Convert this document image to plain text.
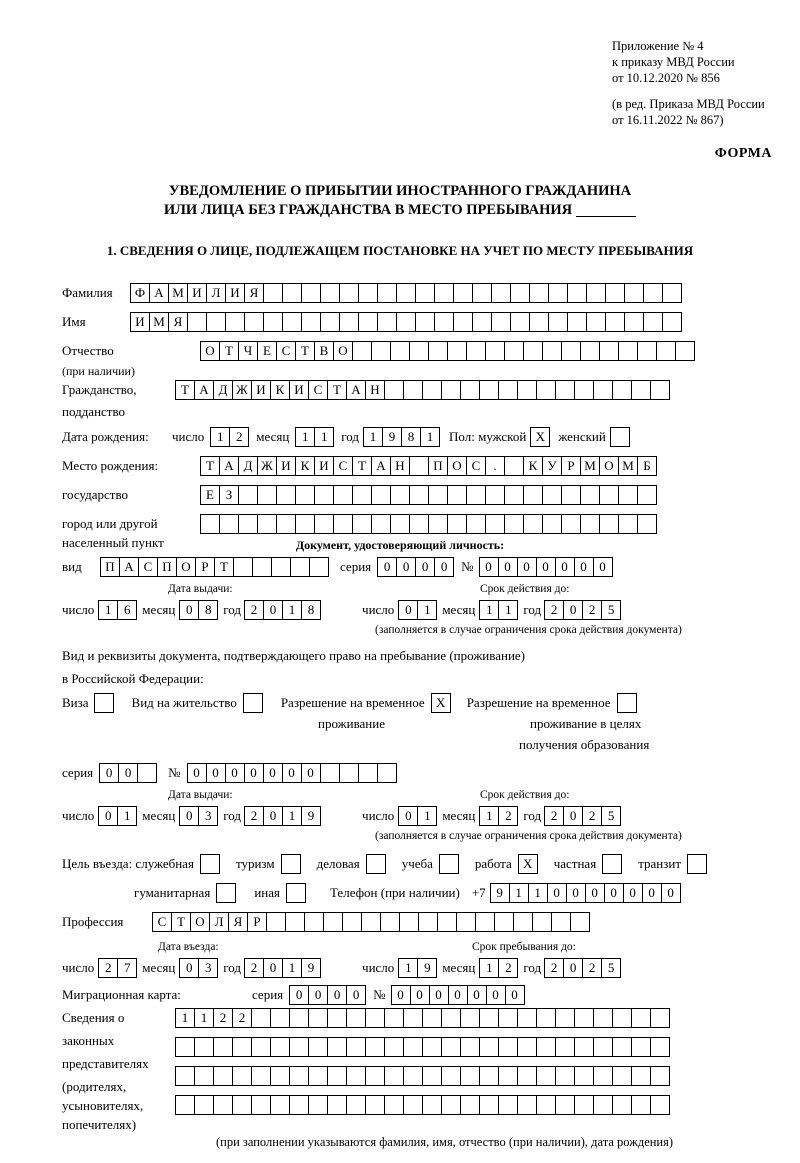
Приложение № 4
к приказу МВД России
от 10.12.2020 № 856
(в ред. Приказа МВД России
от 16.11.2022 № 867)
ФОРМА
УВЕДОМЛЕНИЕ О ПРИБЫТИИ ИНОСТРАННОГО ГРАЖДАНИНА
ИЛИ ЛИЦА БЕЗ ГРАЖДАНСТВА В МЕСТО ПРЕБЫВАНИЯ
1. СВЕДЕНИЯ О ЛИЦЕ, ПОДЛЕЖАЩЕМ ПОСТАНОВКЕ НА УЧЕТ ПО МЕСТУ ПРЕБЫВАНИЯ
Фамилия	Ф А М И Л И Я
Имя	И М Я
Отчество	О Т Ч Е С Т В О
(при наличии)
Гражданство,	Т А Д Ж И К И С Т А Н
подданство
Дата рождения:	число 1 2	месяц 1 1	год 1 9 8 1	Пол: мужской X	женский
Место рождения:	Т А Д Ж И К И С Т А Н	П О С	.	К У Р М О М Б
государство	Е З
город или другой
населенный пункт	Документ, удостоверяющий личность:
вид	П А С П О Р Т	серия 0 0 0 0	№ 0 0 0 0 0 0 0
Дата выдачи:	Срок действия до:
число 1 6 месяц 0 8 год 2 0 1 8	число 0 1 месяц 1 1 год 2 0 2 5
(заполняется в случае ограничения срока действия документа)
Вид и реквизиты документа, подтверждающего право на пребывание (проживание)
в Российской Федерации:
Виза	Вид на жительство	Разрешение на временное X	Разрешение на временное
проживание	проживание в целях
получения образования
серия 0 0	№ 0 0 0 0 0 0 0
Дата выдачи:	Срок действия до:
число 0 1 месяц 0 3 год 2 0 1 9	число 0 1 месяц 1 2 год 2 0 2 5
(заполняется в случае ограничения срока действия документа)
Цель въезда: служебная	туризм	деловая	учеба	работа X	частная	транзит
гуманитарная	иная	Телефон (при наличии) +7 9 1 1 0 0 0 0 0 0 0
Профессия	С Т О Л Я Р
Дата въезда:	Срок пребывания до:
число 2 7 месяц 0 3 год 2 0 1 9	число 1 9 месяц 1 2 год 2 0 2 5
Миграционная карта:	серия 0 0 0 0	№ 0 0 0 0 0 0 0
Сведения о
законных
представителях
(родителях,
усыновителях,
попечителях)
1 1 2 2
(при заполнении указываются фамилия, имя, отчество (при наличии), дата рождения)
